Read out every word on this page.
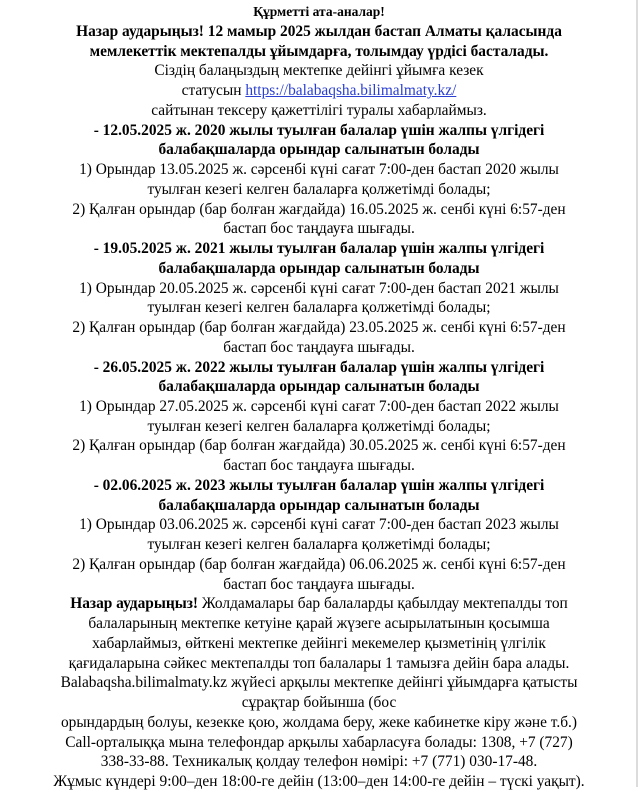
Құрметті ата-аналар!
Назар аударыңыз! 12 мамыр 2025 жылдан бастап Алматы қаласында
мемлекеттік мектепалды ұйымдарға, толымдау үрдісі басталады.
Сіздің балаңыздың мектепке дейінгі ұйымға кезек
статусын https://balabaqsha.bilimalmaty.kz/
сайтынан тексеру қажеттілігі туралы хабарлаймыз.
- 12.05.2025 ж. 2020 жылы туылған балалар үшін жалпы үлгідегі
балабақшаларда орындар салынатын болады
1) Орындар 13.05.2025 ж. сәрсенбі күні сағат 7:00-ден бастап 2020 жылы
туылған кезегі келген балаларға қолжетімді болады;
2) Қалған орындар (бар болған жағдайда) 16.05.2025 ж. сенбі күні 6:57-ден
бастап бос таңдауға шығады.
- 19.05.2025 ж. 2021 жылы туылған балалар үшін жалпы үлгідегі
балабақшаларда орындар салынатын болады
1) Орындар 20.05.2025 ж. сәрсенбі күні сағат 7:00-ден бастап 2021 жылы
туылған кезегі келген балаларға қолжетімді болады;
2) Қалған орындар (бар болған жағдайда) 23.05.2025 ж. сенбі күні 6:57-ден
бастап бос таңдауға шығады.
- 26.05.2025 ж. 2022 жылы туылған балалар үшін жалпы үлгідегі
балабақшаларда орындар салынатын болады
1) Орындар 27.05.2025 ж. сәрсенбі күні сағат 7:00-ден бастап 2022 жылы
туылған кезегі келген балаларға қолжетімді болады;
2) Қалған орындар (бар болған жағдайда) 30.05.2025 ж. сенбі күні 6:57-ден
бастап бос таңдауға шығады.
- 02.06.2025 ж. 2023 жылы туылған балалар үшін жалпы үлгідегі
балабақшаларда орындар салынатын болады
1) Орындар 03.06.2025 ж. сәрсенбі күні сағат 7:00-ден бастап 2023 жылы
туылған кезегі келген балаларға қолжетімді болады;
2) Қалған орындар (бар болған жағдайда) 06.06.2025 ж. сенбі күні 6:57-ден
бастап бос таңдауға шығады.
Назар аударыңыз! Жолдамалары бар балаларды қабылдау мектепалды топ
балаларының мектепке кетуіне қарай жүзеге асырылатынын қосымша
хабарлаймыз, өйткені мектепке дейінгі мекемелер қызметінің үлгілік
қағидаларына сәйкес мектепалды топ балалары 1 тамызға дейін бара алады.
Balabaqsha.bilimalmaty.kz жүйесі арқылы мектепке дейінгі ұйымдарға қатысты
сұрақтар бойынша (бос
орындардың болуы, кезекке қою, жолдама беру, жеке кабинетке кіру және т.б.)
Call-орталыққа мына телефондар арқылы хабарласуға болады: 1308, +7 (727)
338-33-88. Техникалық қолдау телефон нөмірі: +7 (771) 030-17-48.
Жұмыс күндері 9:00–ден 18:00-ге дейін (13:00–ден 14:00-ге дейін – түскі уақыт).
